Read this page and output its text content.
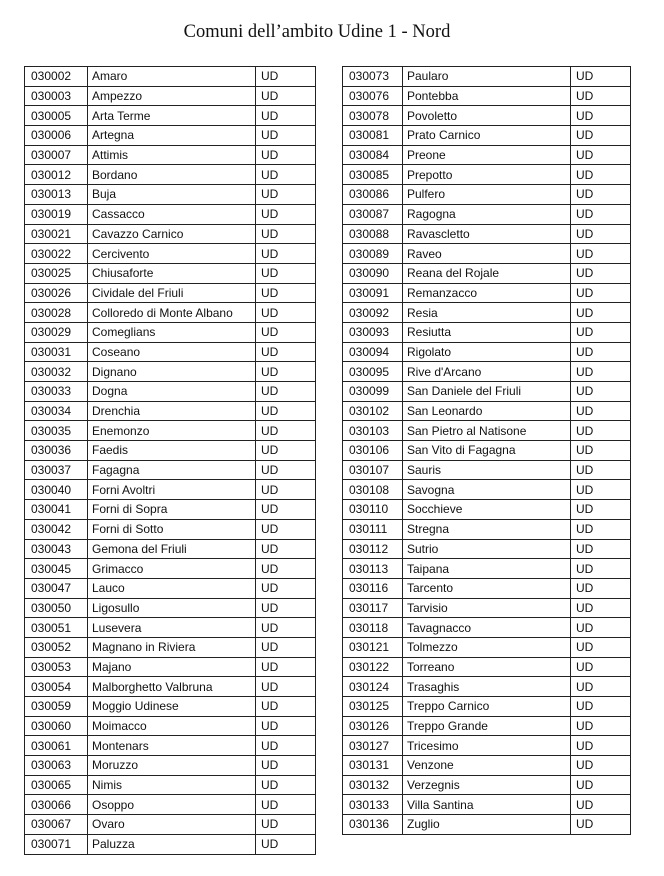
Comuni dell’ambito Udine 1 - Nord
030002	Amaro	UD
030003	Ampezzo	UD
030005	Arta Terme	UD
030006	Artegna	UD
030007	Attimis	UD
030012	Bordano	UD
030013	Buja	UD
030019	Cassacco	UD
030021	Cavazzo Carnico	UD
030022	Cercivento	UD
030025	Chiusaforte	UD
030026	Cividale del Friuli	UD
030028	Colloredo di Monte Albano	UD
030029	Comeglians	UD
030031	Coseano	UD
030032	Dignano	UD
030033	Dogna	UD
030034	Drenchia	UD
030035	Enemonzo	UD
030036	Faedis	UD
030037	Fagagna	UD
030040	Forni Avoltri	UD
030041	Forni di Sopra	UD
030042	Forni di Sotto	UD
030043	Gemona del Friuli	UD
030045	Grimacco	UD
030047	Lauco	UD
030050	Ligosullo	UD
030051	Lusevera	UD
030052	Magnano in Riviera	UD
030053	Majano	UD
030054	Malborghetto Valbruna	UD
030059	Moggio Udinese	UD
030060	Moimacco	UD
030061	Montenars	UD
030063	Moruzzo	UD
030065	Nimis	UD
030066	Osoppo	UD
030067	Ovaro	UD
030071	Paluzza	UD
030073	Paularo	UD
030076	Pontebba	UD
030078	Povoletto	UD
030081	Prato Carnico	UD
030084	Preone	UD
030085	Prepotto	UD
030086	Pulfero	UD
030087	Ragogna	UD
030088	Ravascletto	UD
030089	Raveo	UD
030090	Reana del Rojale	UD
030091	Remanzacco	UD
030092	Resia	UD
030093	Resiutta	UD
030094	Rigolato	UD
030095	Rive d'Arcano	UD
030099	San Daniele del Friuli	UD
030102	San Leonardo	UD
030103	San Pietro al Natisone	UD
030106	San Vito di Fagagna	UD
030107	Sauris	UD
030108	Savogna	UD
030110	Socchieve	UD
030111	Stregna	UD
030112	Sutrio	UD
030113	Taipana	UD
030116	Tarcento	UD
030117	Tarvisio	UD
030118	Tavagnacco	UD
030121	Tolmezzo	UD
030122	Torreano	UD
030124	Trasaghis	UD
030125	Treppo Carnico	UD
030126	Treppo Grande	UD
030127	Tricesimo	UD
030131	Venzone	UD
030132	Verzegnis	UD
030133	Villa Santina	UD
030136	Zuglio	UD
